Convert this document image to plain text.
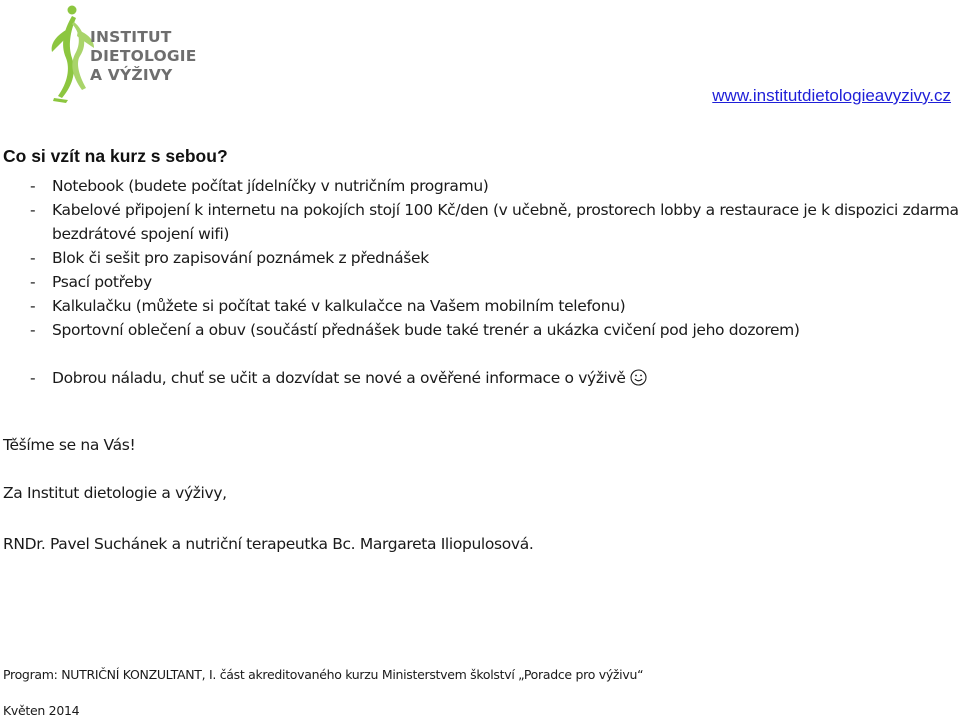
INSTITUT
DIETOLOGIE
A VÝŽIVY
www.institutdietologieavyzivy.cz
Co si vzít na kurz s sebou?
- Notebook (budete počítat jídelníčky v nutričním programu)
- Kabelové připojení k internetu na pokojích stojí 100 Kč/den (v učebně, prostorech lobby a restaurace je k dispozici zdarma bezdrátové spojení wifi)
- Blok či sešit pro zapisování poznámek z přednášek
- Psací potřeby
- Kalkulačku (můžete si počítat také v kalkulačce na Vašem mobilním telefonu)
- Sportovní oblečení a obuv (součástí přednášek bude také trenér a ukázka cvičení pod jeho dozorem)
- Dobrou náladu, chuť se učit a dozvídat se nové a ověřené informace o výživě
Těšíme se na Vás!
Za Institut dietologie a výživy,
RNDr. Pavel Suchánek a nutriční terapeutka Bc. Margareta Iliopulosová.
Program: NUTRIČNÍ KONZULTANT, I. část akreditovaného kurzu Ministerstvem školství „Poradce pro výživu“
Květen 2014
